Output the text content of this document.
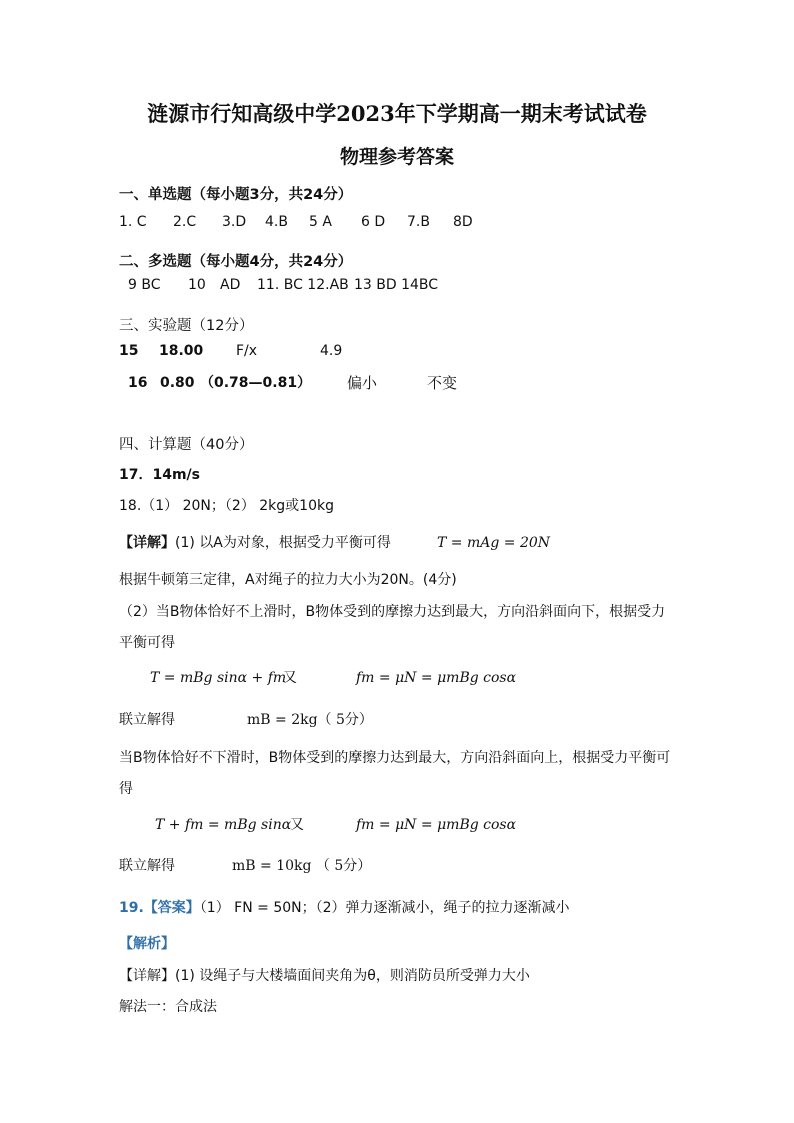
涟源市行知高级中学2023年下学期高一期末考试试卷
物理参考答案
一、单选题（每小题3分，共24分）
1. C 2.C 3.D 4.B 5 A 6 D 7.B 8D
二、多选题（每小题4分，共24分）
9 BC 10 AD 11. BC 12.AB 13 BD 14BC
三、实验题（12分）
15 18.00 F/x	4.9
16 0.80 （0.78—0.81） 偏小	不变
四、计算题（40分）
17．14m/s
18.（1） 20N；（2） 2kg或10kg
【详解】(1) 以A为对象，根据受力平衡可得	T = mAg = 20N
根据牛顿第三定律，A对绳子的拉力大小为20N。(4分)
（2）当B物体恰好不上滑时，B物体受到的摩擦力达到最大，方向沿斜面向下，根据受力
平衡可得
T = mBg sinα + fm
又	fm = μN = μmBg cosα
联立解得	mB = 2kg（ 5分）
当B物体恰好不下滑时，B物体受到的摩擦力达到最大，方向沿斜面向上，根据受力平衡可
得
T + fm = mBg sinα
又	fm = μN = μmBg cosα
联立解得	mB = 10kg （ 5分）
19.【答案】（1） FN = 50N；（2）弹力逐渐减小，绳子的拉力逐渐减小
【解析】
【详解】(1) 设绳子与大楼墙面间夹角为θ，则消防员所受弹力大小
解法一：合成法
